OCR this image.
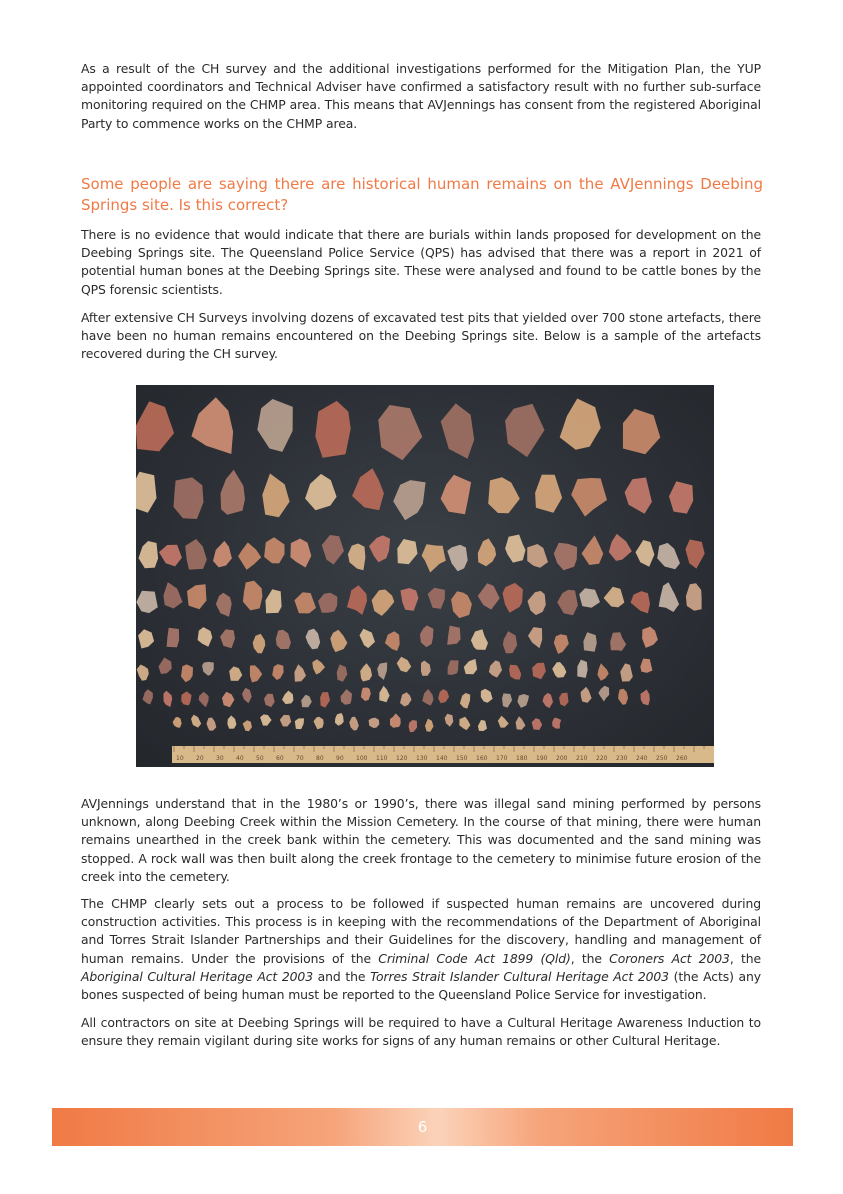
As a result of the CH survey and the additional investigations performed for the Mitigation Plan, the YUP appointed coordinators and Technical Adviser have confirmed a satisfactory result with no further sub-surface monitoring required on the CHMP area. This means that AVJennings has consent from the registered Aboriginal Party to commence works on the CHMP area.

Some people are saying there are historical human remains on the AVJennings Deebing Springs site. Is this correct?

There is no evidence that would indicate that there are burials within lands proposed for development on the Deebing Springs site. The Queensland Police Service (QPS) has advised that there was a report in 2021 of potential human bones at the Deebing Springs site. These were analysed and found to be cattle bones by the QPS forensic scientists.

After extensive CH Surveys involving dozens of excavated test pits that yielded over 700 stone artefacts, there have been no human remains encountered on the Deebing Springs site. Below is a sample of the artefacts recovered during the CH survey.

10 20 30 40 50 60 70 80 90 100 110 120 130 140 150 160 170 180 190 200 210 220 230 240 250 260

AVJennings understand that in the 1980’s or 1990’s, there was illegal sand mining performed by persons unknown, along Deebing Creek within the Mission Cemetery. In the course of that mining, there were human remains unearthed in the creek bank within the cemetery. This was documented and the sand mining was stopped. A rock wall was then built along the creek frontage to the cemetery to minimise future erosion of the creek into the cemetery.

The CHMP clearly sets out a process to be followed if suspected human remains are uncovered during construction activities. This process is in keeping with the recommendations of the Department of Aboriginal and Torres Strait Islander Partnerships and their Guidelines for the discovery, handling and management of human remains. Under the provisions of the Criminal Code Act 1899 (Qld), the Coroners Act 2003, the Aboriginal Cultural Heritage Act 2003 and the Torres Strait Islander Cultural Heritage Act 2003 (the Acts) any bones suspected of being human must be reported to the Queensland Police Service for investigation.

All contractors on site at Deebing Springs will be required to have a Cultural Heritage Awareness Induction to ensure they remain vigilant during site works for signs of any human remains or other Cultural Heritage.

6
